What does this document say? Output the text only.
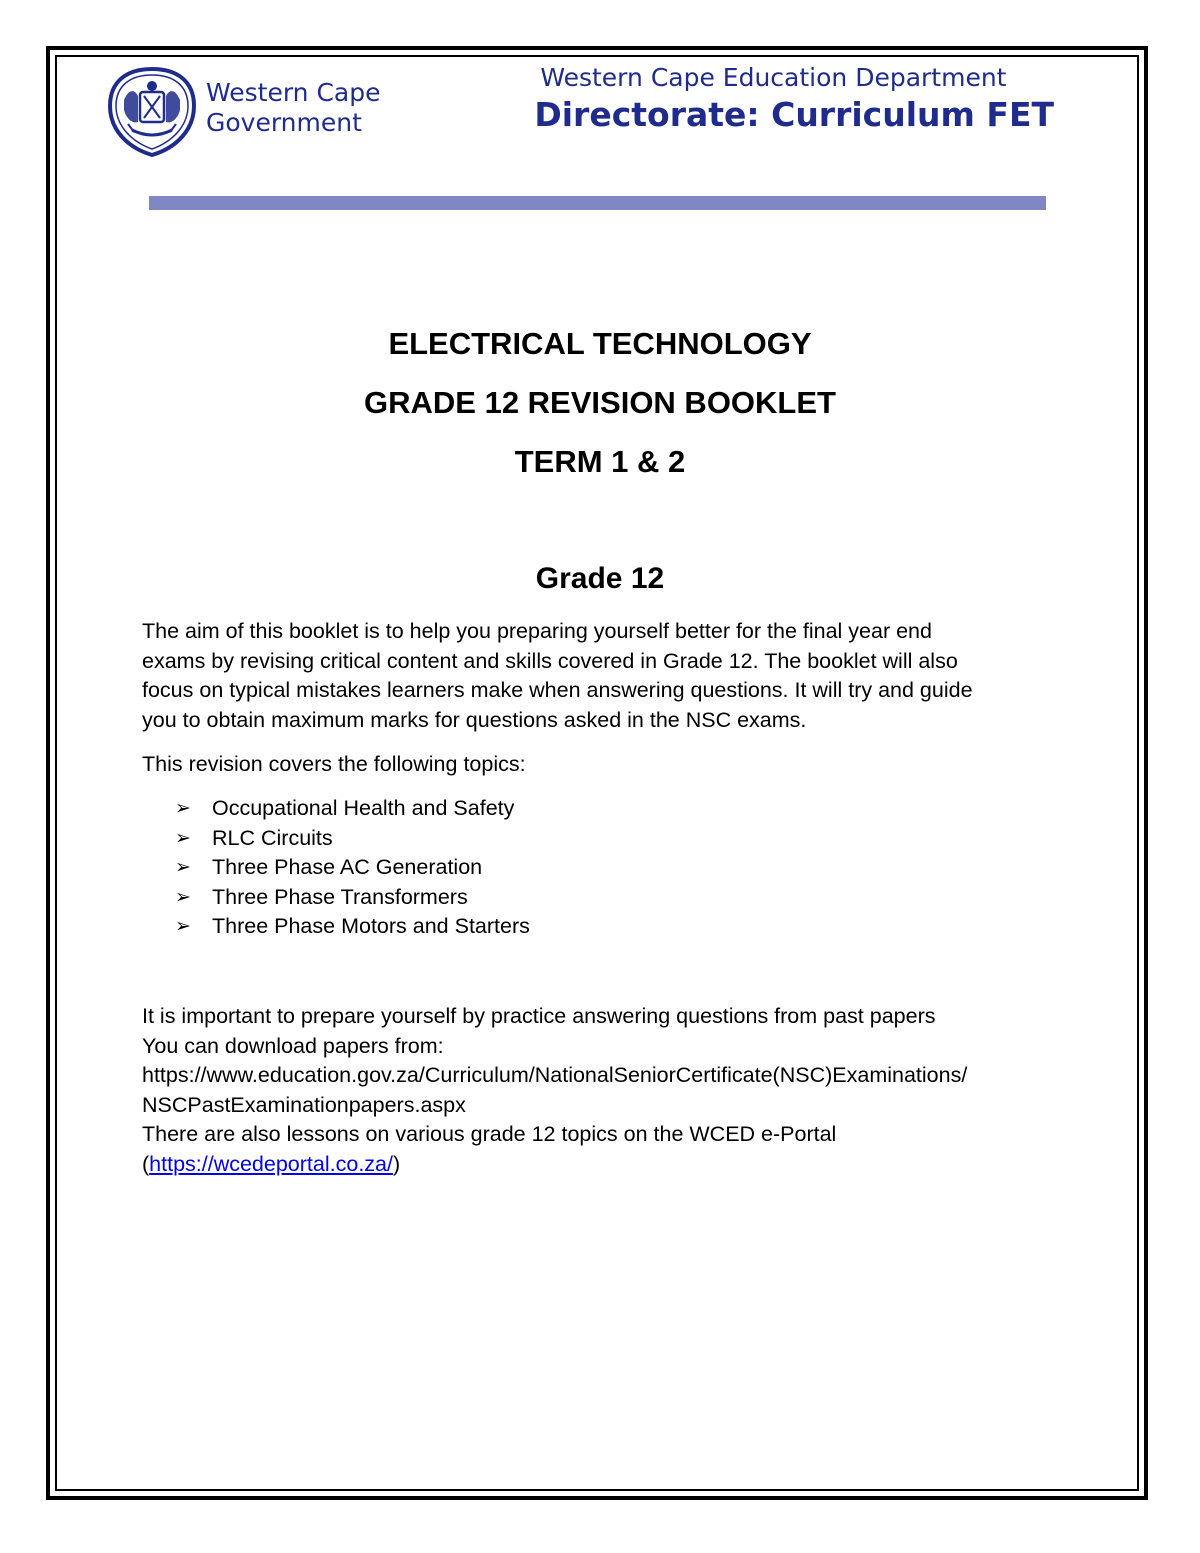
Western Cape
Government
Western Cape Education Department
Directorate: Curriculum FET
ELECTRICAL TECHNOLOGY
GRADE 12 REVISION BOOKLET
TERM 1 & 2
Grade 12
The aim of this booklet is to help you preparing yourself better for the final year end
exams by revising critical content and skills covered in Grade 12. The booklet will also
focus on typical mistakes learners make when answering questions. It will try and guide
you to obtain maximum marks for questions asked in the NSC exams.
This revision covers the following topics:
➢ Occupational Health and Safety
➢ RLC Circuits
➢ Three Phase AC Generation
➢ Three Phase Transformers
➢ Three Phase Motors and Starters
It is important to prepare yourself by practice answering questions from past papers
You can download papers from:
https://www.education.gov.za/Curriculum/NationalSeniorCertificate(NSC)Examinations/
NSCPastExaminationpapers.aspx
There are also lessons on various grade 12 topics on the WCED e-Portal
(https://wcedeportal.co.za/)
